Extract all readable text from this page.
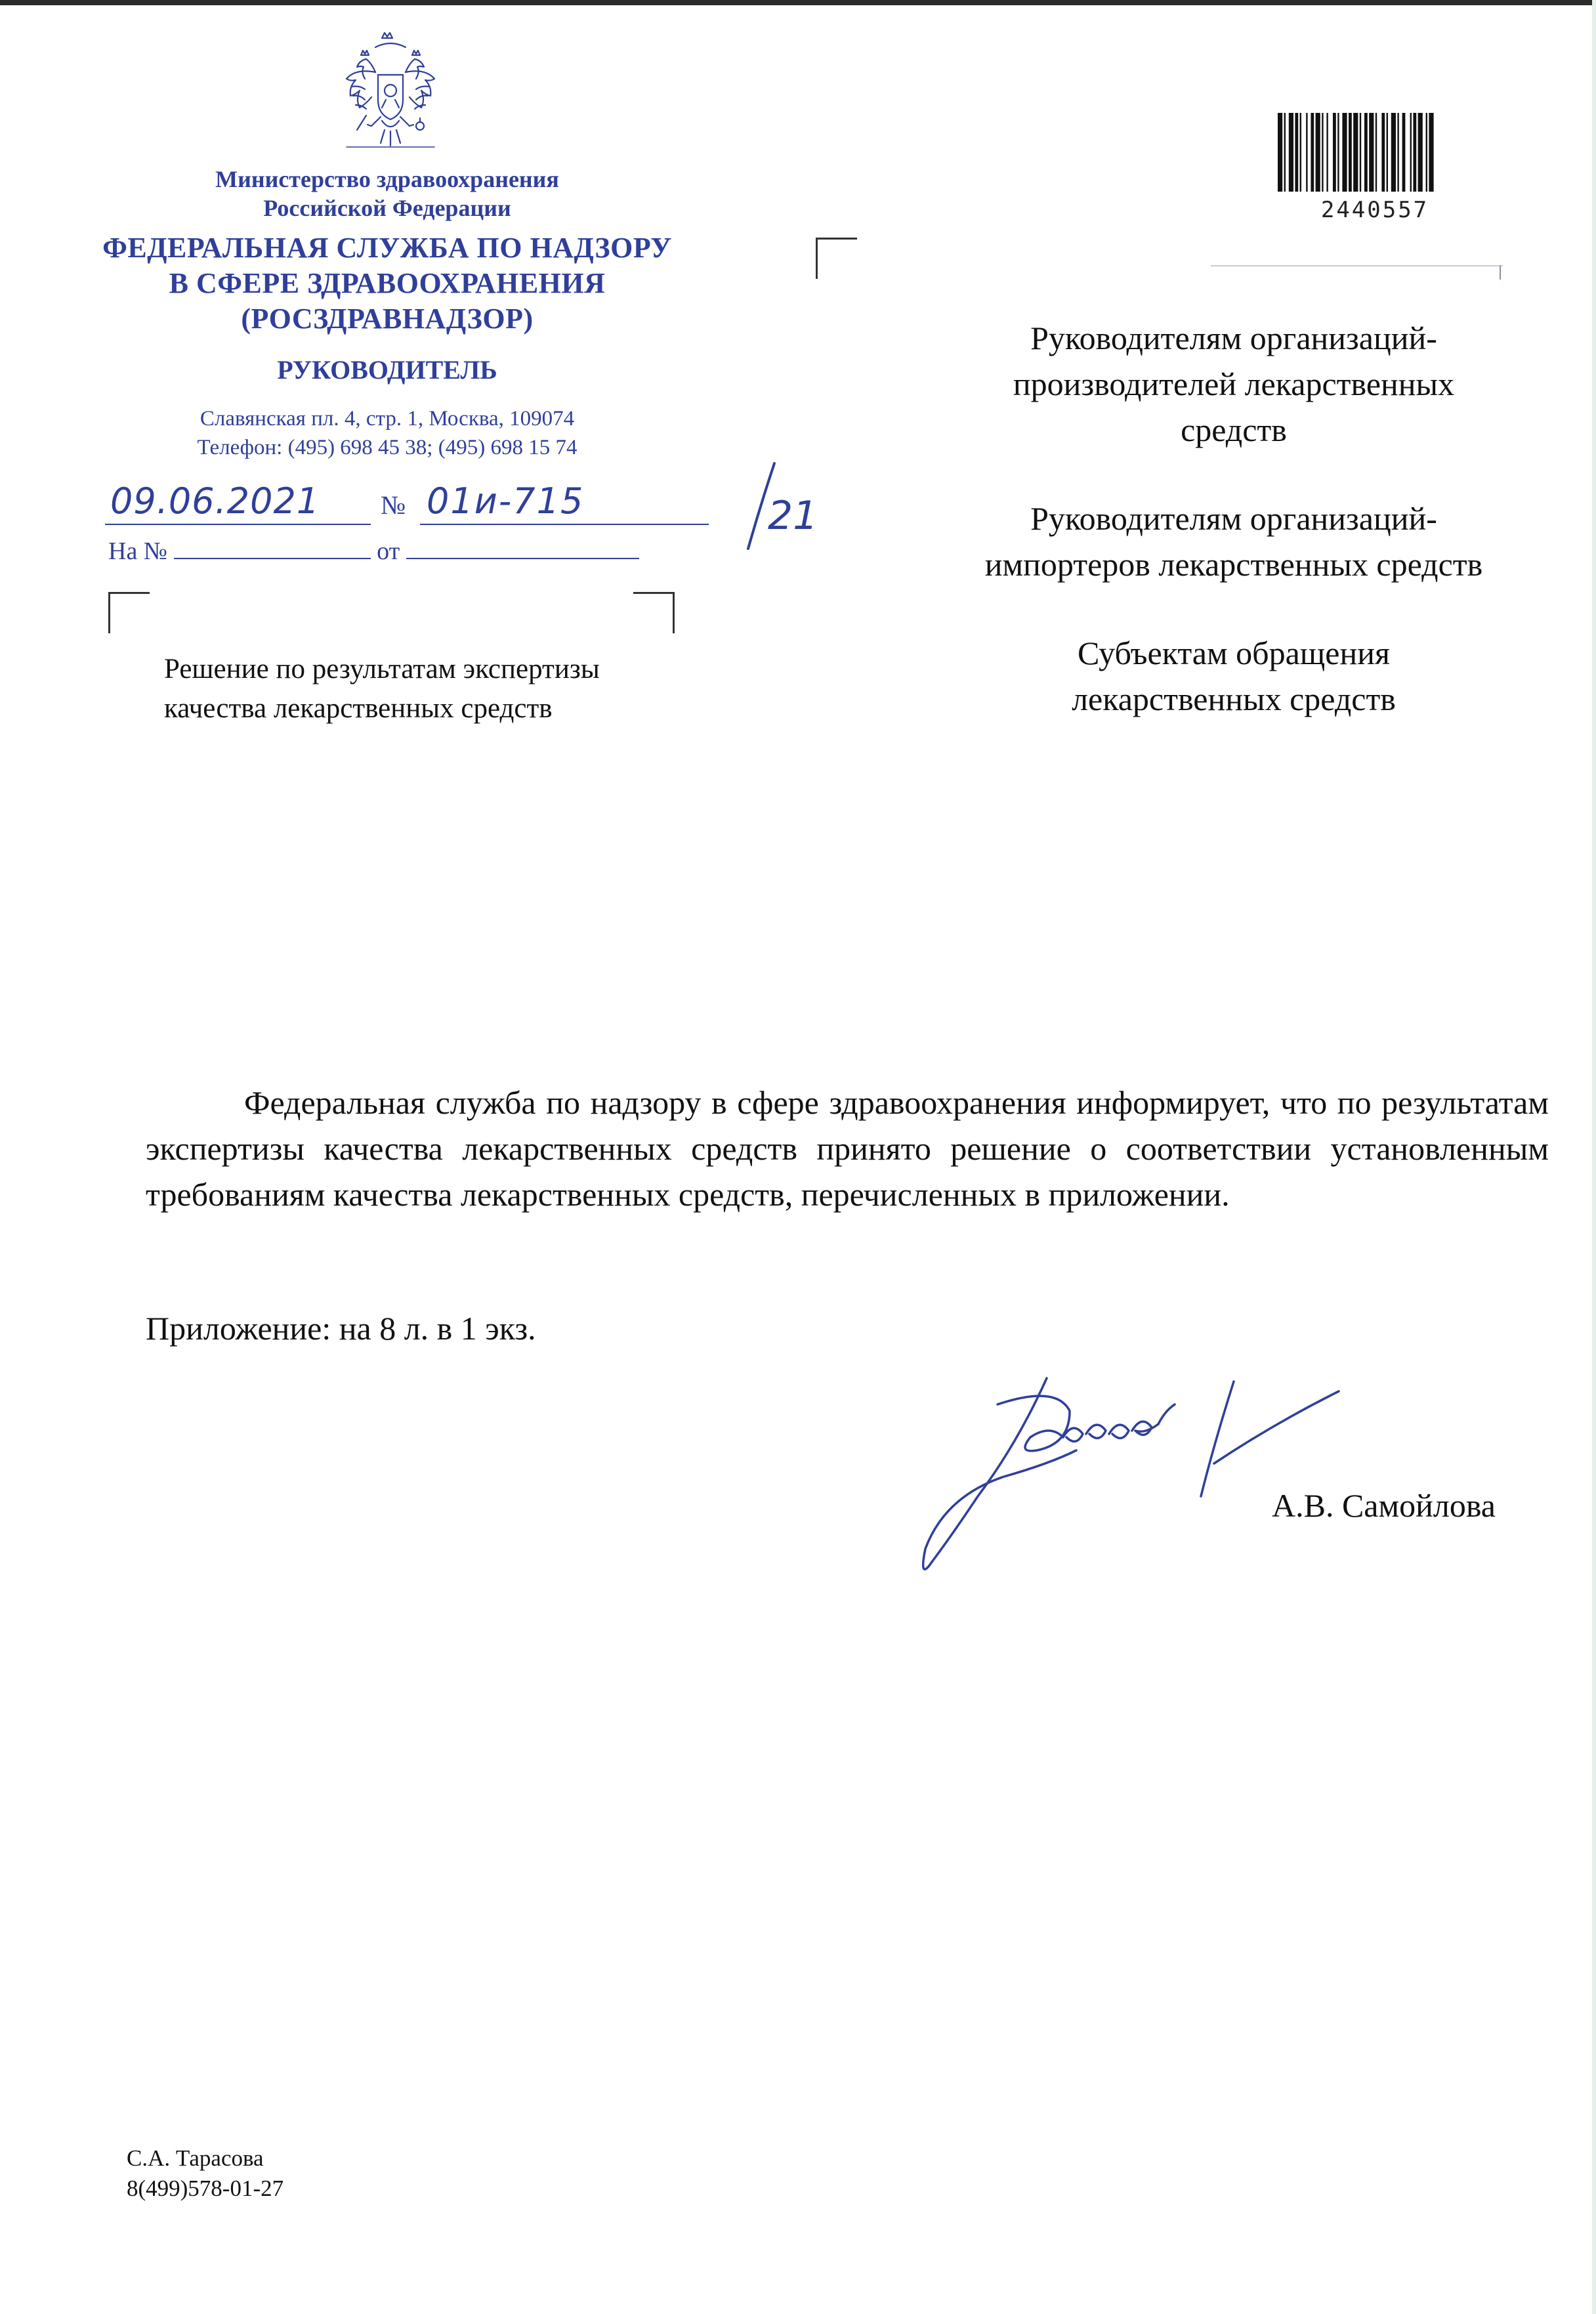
Министерство здравоохранения
Российской Федерации
ФЕДЕРАЛЬНАЯ СЛУЖБА ПО НАДЗОРУ
В СФЕРЕ ЗДРАВООХРАНЕНИЯ
(РОСЗДРАВНАДЗОР)
РУКОВОДИТЕЛЬ
Славянская пл. 4, стр. 1, Москва, 109074
Телефон: (495) 698 45 38; (495) 698 15 74
09.06.2021 № 01и-715	21
На №	от
Решение по результатам экспертизы
качества лекарственных средств
2440557
Руководителям организаций-
производителей лекарственных
средств
Руководителям организаций-
импортеров лекарственных средств
Субъектам обращения
лекарственных средств
Федеральная служба по надзору в сфере здравоохранения информирует, что по результатам экспертизы качества лекарственных средств принято решение о соответствии установленным требованиям качества лекарственных средств, перечисленных в приложении.
Приложение: на 8 л. в 1 экз.
А.В. Самойлова
С.А. Тарасова
8(499)578-01-27
